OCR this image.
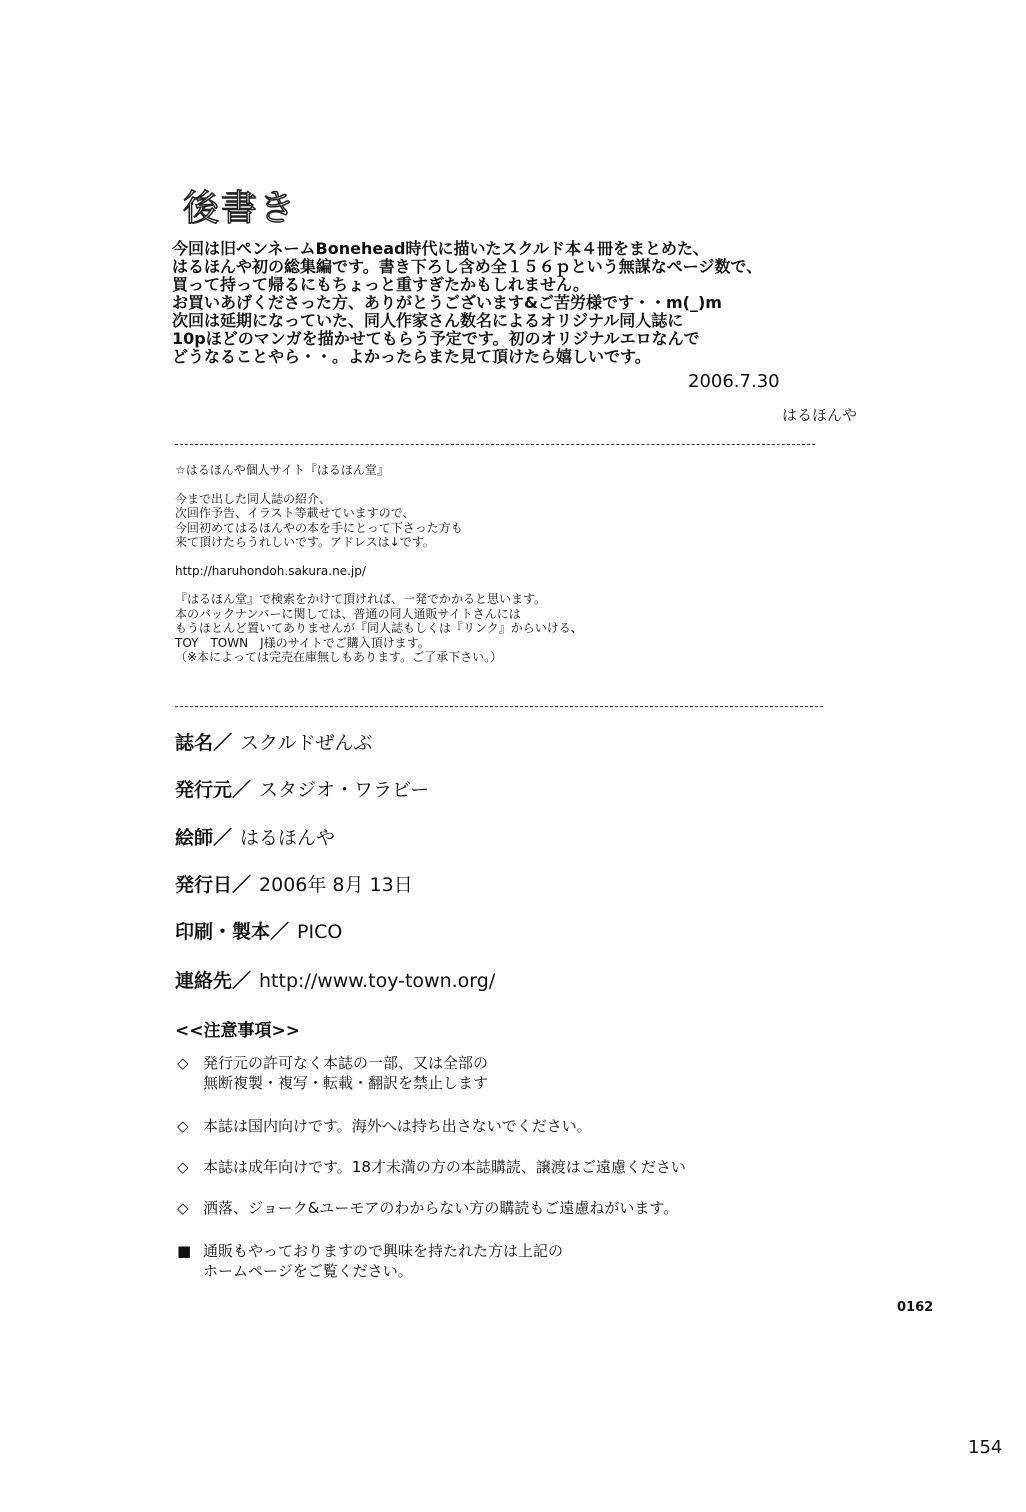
後書き
今回は旧ペンネームBonehead時代に描いたスクルド本４冊をまとめた、
はるほんや初の総集編です。書き下ろし含め全１５６ｐという無謀なページ数で、
買って持って帰るにもちょっと重すぎたかもしれません。
お買いあげくださった方、ありがとうございます&ご苦労様です・・m(_)m
次回は延期になっていた、同人作家さん数名によるオリジナル同人誌に
10pほどのマンガを描かせてもらう予定です。初のオリジナルエロなんで
どうなることやら・・。よかったらまた見て頂けたら嬉しいです。
2006.7.30
はるほんや
☆はるほんや個人サイト『はるほん堂』
今まで出した同人誌の紹介、
次回作予告、イラスト等載せていますので、
今回初めてはるほんやの本を手にとって下さった方も
来て頂けたらうれしいです。アドレスは↓です。
http://haruhondoh.sakura.ne.jp/
『はるほん堂』で検索をかけて頂ければ、一発でかかると思います。
本のバックナンバーに関しては、普通の同人通販サイトさんには
もうほとんど置いてありませんが『同人誌もしくは『リンク』からいける、
TOY　TOWN　J様のサイトでご購入頂けます。
（※本によっては完売在庫無しもあります。ご了承下さい。）
誌名／ スクルドぜんぶ
発行元／ スタジオ・ワラビー
絵師／ はるほんや
発行日／ 2006年 8月 13日
印刷・製本／ PICO
連絡先／ http://www.toy-town.org/
<<注意事項>>
◇ 発行元の許可なく本誌の一部、又は全部の
無断複製・複写・転載・翻訳を禁止します
◇ 本誌は国内向けです。海外へは持ち出さないでください。
◇ 本誌は成年向けです。18才未満の方の本誌購読、譲渡はご遠慮ください
◇ 洒落、ジョーク&ユーモアのわからない方の購読もご遠慮ねがいます。
■ 通販もやっておりますので興味を持たれた方は上記の
ホームページをご覧ください。
0162
154
